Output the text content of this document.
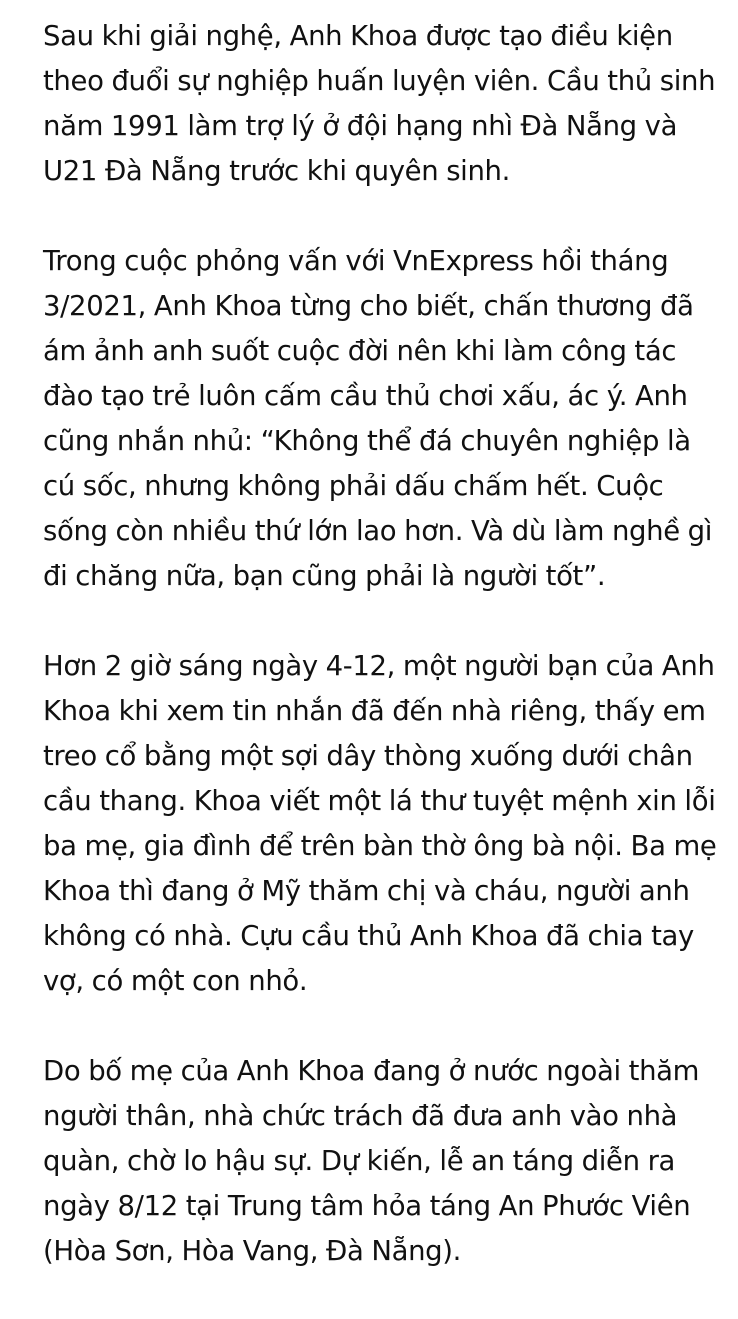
Sau khi giải nghệ, Anh Khoa được tạo điều kiện
theo đuổi sự nghiệp huấn luyện viên. Cầu thủ sinh
năm 1991 làm trợ lý ở đội hạng nhì Đà Nẵng và
U21 Đà Nẵng trước khi quyên sinh.

Trong cuộc phỏng vấn với VnExpress hồi tháng
3/2021, Anh Khoa từng cho biết, chấn thương đã
ám ảnh anh suốt cuộc đời nên khi làm công tác
đào tạo trẻ luôn cấm cầu thủ chơi xấu, ác ý. Anh
cũng nhắn nhủ: “Không thể đá chuyên nghiệp là
cú sốc, nhưng không phải dấu chấm hết. Cuộc
sống còn nhiều thứ lớn lao hơn. Và dù làm nghề gì
đi chăng nữa, bạn cũng phải là người tốt”.

Hơn 2 giờ sáng ngày 4-12, một người bạn của Anh
Khoa khi xem tin nhắn đã đến nhà riêng, thấy em
treo cổ bằng một sợi dây thòng xuống dưới chân
cầu thang. Khoa viết một lá thư tuyệt mệnh xin lỗi
ba mẹ, gia đình để trên bàn thờ ông bà nội. Ba mẹ
Khoa thì đang ở Mỹ thăm chị và cháu, người anh
không có nhà. Cựu cầu thủ Anh Khoa đã chia tay
vợ, có một con nhỏ.

Do bố mẹ của Anh Khoa đang ở nước ngoài thăm
người thân, nhà chức trách đã đưa anh vào nhà
quàn, chờ lo hậu sự. Dự kiến, lễ an táng diễn ra
ngày 8/12 tại Trung tâm hỏa táng An Phước Viên
(Hòa Sơn, Hòa Vang, Đà Nẵng).
